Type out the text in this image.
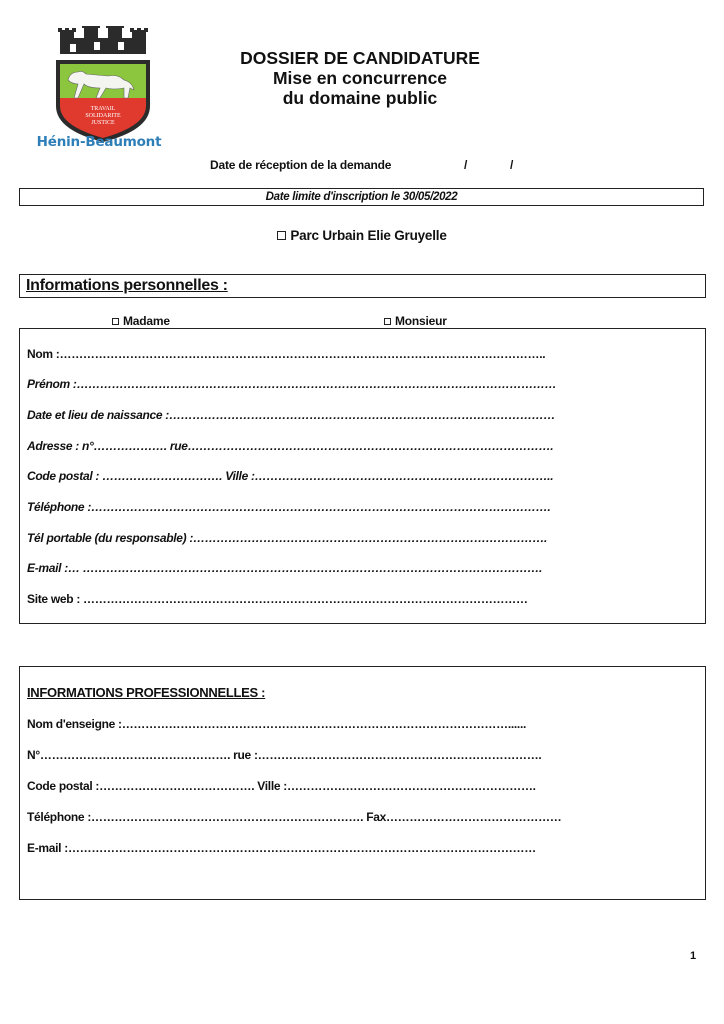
TRAVAIL
SOLIDARITE
JUSTICE
Hénin-Beaumont
DOSSIER DE CANDIDATURE
Mise en concurrence
du domaine public
Date de réception de la demande	/	/
Date limite d'inscription le 30/05/2022
Parc Urbain Elie Gruyelle
Informations personnelles :
Madame	Monsieur
Nom :……………………………………………………………………………………………………………..
Prénom :……………………………………………………………………………………………………………
Date et lieu de naissance :………………………………………………………………………………………
Adresse : n°………………. rue………………………………………………………………………………….
Code postal : …………………………. Ville :…………………………………………………………………..
Téléphone :……………………………………………………………………………………………………….
Tél portable (du responsable) :……………………………………………………………………………….
E-mail :… ……………………………………………………………………………………………………….
Site web : ……………………………………………………………………………………………………
INFORMATIONS PROFESSIONNELLES :
Nom d'enseigne :………………………………………………………………………………………......
N°…………………………………………. rue :……………………………………………………………….
Code postal :…………………………………. Ville :……………………………………………………….
Téléphone :……………………………………………………………. Fax………………………………………
E-mail :…………………………………………………………………………………………………………
1
